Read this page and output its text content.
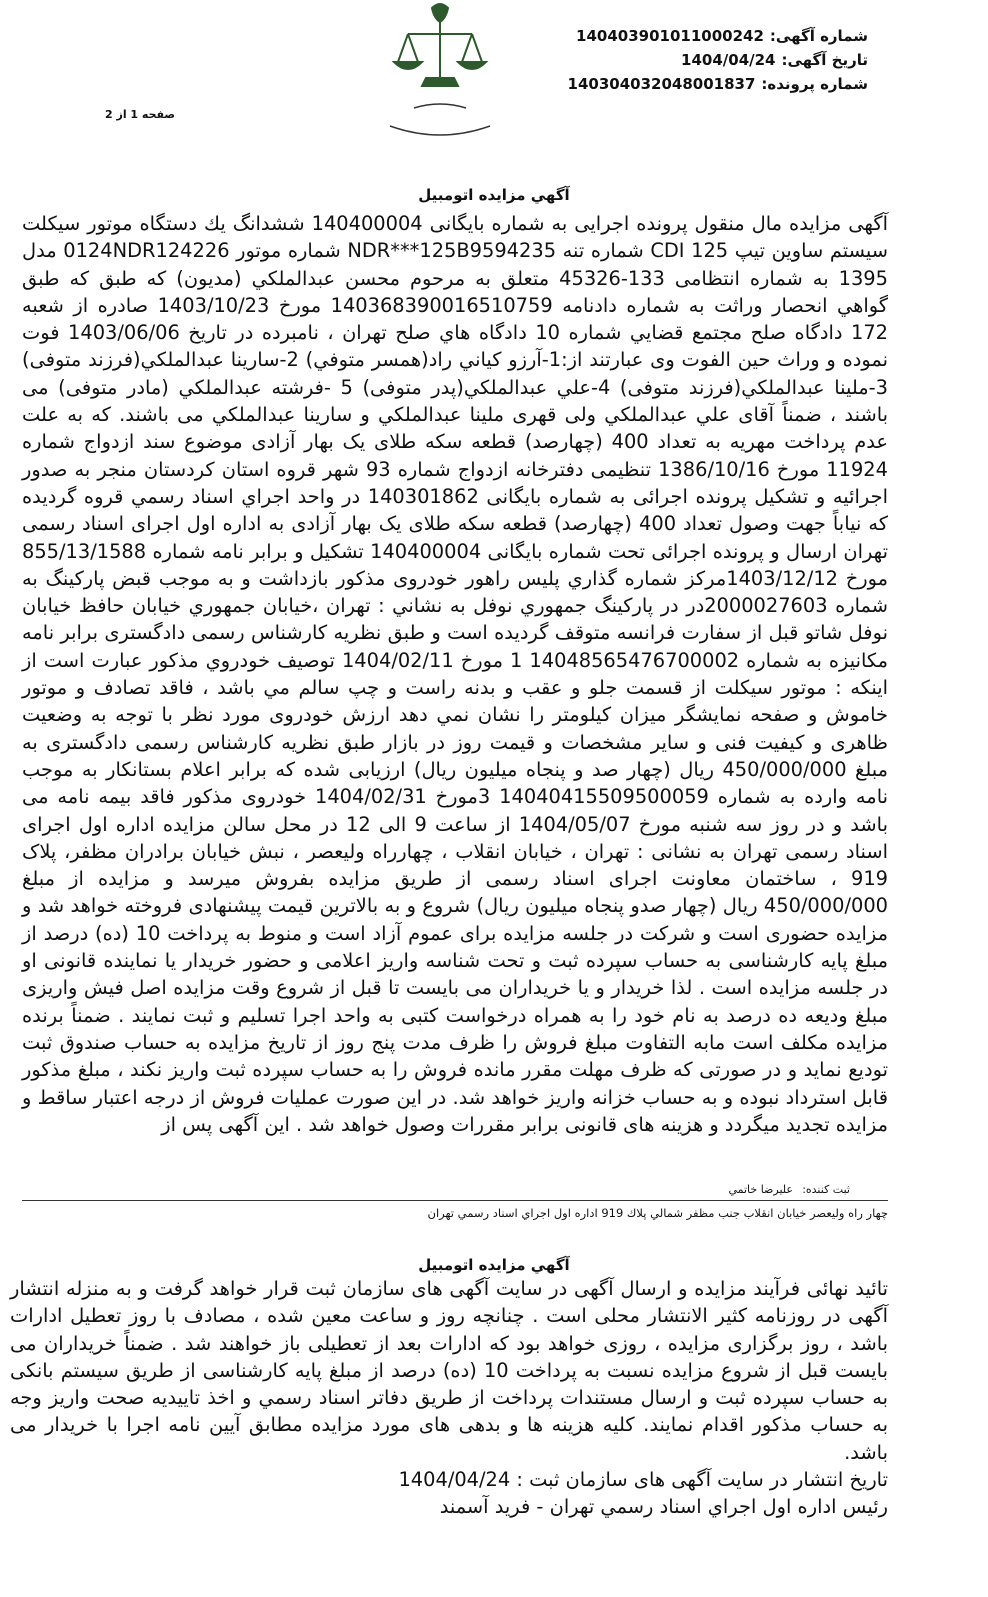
شماره آگهی:140403901011000242
تاریخ آگهی:1404/04/24
شماره پرونده:140304032048001837
صفحه 1 از 2
آگهي مزايده اتومبيل

آگهی مزایده مال منقول پرونده اجرایی به شماره بایگانی 140400004 ششدانگ يك دستگاه موتور سیکلت سیستم ساوین تیپ CDI 125 شماره تنه NDR***125B9594235 شماره موتور 0124NDR124226 مدل 1395 به شماره انتظامی 133-45326 متعلق به مرحوم محسن عبدالملکي (مدیون) که طبق که طبق گواهي انحصار وراثت به شماره دادنامه 140368390016510759 مورخ 1403/10/23 صادره از شعبه 172 دادگاه صلح مجتمع قضايي شماره 10 دادگاه هاي صلح تهران ، نامبرده در تاریخ 1403/06/06 فوت نموده و وراث حین الفوت وی عبارتند از:1-آرزو کیاني راد(همسر متوفي) 2-سارینا عبدالملکي(فرزند متوفی) 3-ملينا عبدالملکي(فرزند متوفی) 4-علي عبدالملکي(پدر متوفی) 5 -فرشته عبدالملکي (مادر متوفی) می باشند ، ضمناً آقای علي عبدالملکي ولی قهری ملينا عبدالملکي و سارينا عبدالملکي می باشند. که به علت عدم پرداخت مهریه به تعداد 400 (چهارصد) قطعه سکه طلای یک بهار آزادی موضوع سند ازدواج شماره 11924 مورخ 1386/10/16 تنظیمی دفترخانه ازدواج شماره 93 شهر قروه استان کردستان منجر به صدور اجرائیه و تشکیل پرونده اجرائی به شماره بایگانی 140301862 در واحد اجراي اسناد رسمي قروه گردیده که نیاباً جهت وصول تعداد 400 (چهارصد) قطعه سکه طلای یک بهار آزادی به اداره اول اجرای اسناد رسمی تهران ارسال و پرونده اجرائی تحت شماره بایگانی 140400004 تشکیل و برابر نامه شماره 855/13/1588 مورخ 1403/12/12مرکز شماره گذاري پلیس راهور خودروی مذکور بازداشت و به موجب قبض پارکینگ به شماره 2000027603در در پارکینگ جمهوري نوفل به نشاني : تهران ،خیابان جمهوري خيابان حافظ خیابان نوفل شاتو قبل از سفارت فرانسه متوقف گردیده است و طبق نظریه کارشناس رسمی دادگستری برابر نامه مکانیزه به شماره 14048565476700002 1 مورخ 1404/02/11 توصیف خودروي مذکور عبارت است از اینکه : موتور سيکلت از قسمت جلو و عقب و بدنه راست و چپ سالم مي باشد ، فاقد تصادف و موتور خاموش و صفحه نمایشگر ميزان کيلومتر را نشان نمي دهد ارزش خودروی مورد نظر با توجه به وضعیت ظاهری و کیفیت فنی و سایر مشخصات و قیمت روز در بازار طبق نظريه کارشناس رسمی دادگستری به مبلغ 450/000/000 ريال (چهار صد و پنجاه ميليون ريال) ارزیابی شده که برابر اعلام بستانكار به موجب نامه وارده به شماره 14040415509500059 3مورخ 1404/02/31 خودروی مذکور فاقد بيمه نامه می باشد و در روز سه شنبه مورخ 1404/05/07 از ساعت 9 الی 12 در محل سالن مزایده اداره اول اجرای اسناد رسمی تهران به نشانی : تهران ، خیابان انقلاب ، چهارراه ولیعصر ، نبش خیابان برادران مظفر، پلاک 919 ، ساختمان معاونت اجرای اسناد رسمی از طریق مزایده بفروش میرسد و مزایده از مبلغ 450/000/000 ريال (چهار صدو پنجاه میلیون ریال) شروع و به بالاترین قیمت پیشنهادی فروخته خواهد شد و مزايده حضوری است و شرکت در جلسه مزایده برای عموم آزاد است و منوط به پرداخت 10 (ده) درصد از مبلغ پایه کارشناسی به حساب سپرده ثبت و تحت شناسه واریز اعلامی و حضور خریدار یا نماینده قانونی او در جلسه مزایده است . لذا خریدار و یا خریداران می بایست تا قبل از شروع وقت مزایده اصل فیش واریزی مبلغ ودیعه ده درصد به نام خود را به همراه درخواست کتبی به واحد اجرا تسلیم و ثبت نمایند . ضمناً برنده مزایده مکلف است مابه التفاوت مبلغ فروش را ظرف مدت پنج روز از تاریخ مزایده به حساب صندوق ثبت توديع نمايد و در صورتی که ظرف مهلت مقرر مانده فروش را به حساب سپرده ثبت واریز نکند ، مبلغ مذکور قابل استرداد نبوده و به حساب خزانه واریز خواهد شد. در این صورت عملیات فروش از درجه اعتبار ساقط و مزایده تجدید میگردد و هزینه های قانونی برابر مقررات وصول خواهد شد . این آگهی پس از

ثبت کننده:
عليرضا خاتمي
چهار راه وليعصر خيابان انقلاب جنب مظفر شمالي پلاك 919 اداره اول اجراي اسناد رسمي تهران
آگهي مزايده اتومبيل

تائید نهائی فرآیند مزایده و ارسال آگهی در سایت آگهی های سازمان ثبت قرار خواهد گرفت و به منزله انتشار آگهی در روزنامه کثير الانتشار محلی است . چنانچه روز و ساعت معین شده ، مصادف با روز تعطیل ادارات باشد ، روز برگزاری مزایده ، روزی خواهد بود که ادارات بعد از تعطیلی باز خواهند شد . ضمناً خریداران می بایست قبل از شروع مزایده نسبت به پرداخت 10 (ده) درصد از مبلغ پایه کارشناسی از طریق سیستم بانکی به حساب سپرده ثبت و ارسال مستندات پرداخت از طریق دفاتر اسناد رسمي و اخذ تاییدیه صحت واریز وجه به حساب مذکور اقدام نمایند. کلیه هزینه ها و بدهی های مورد مزایده مطابق آیین نامه اجرا با خریدار می باشد.

تاریخ انتشار در سایت آگهی های سازمان ثبت : 1404/04/24
رئیس اداره اول اجراي اسناد رسمي تهران - فرید آسمند
